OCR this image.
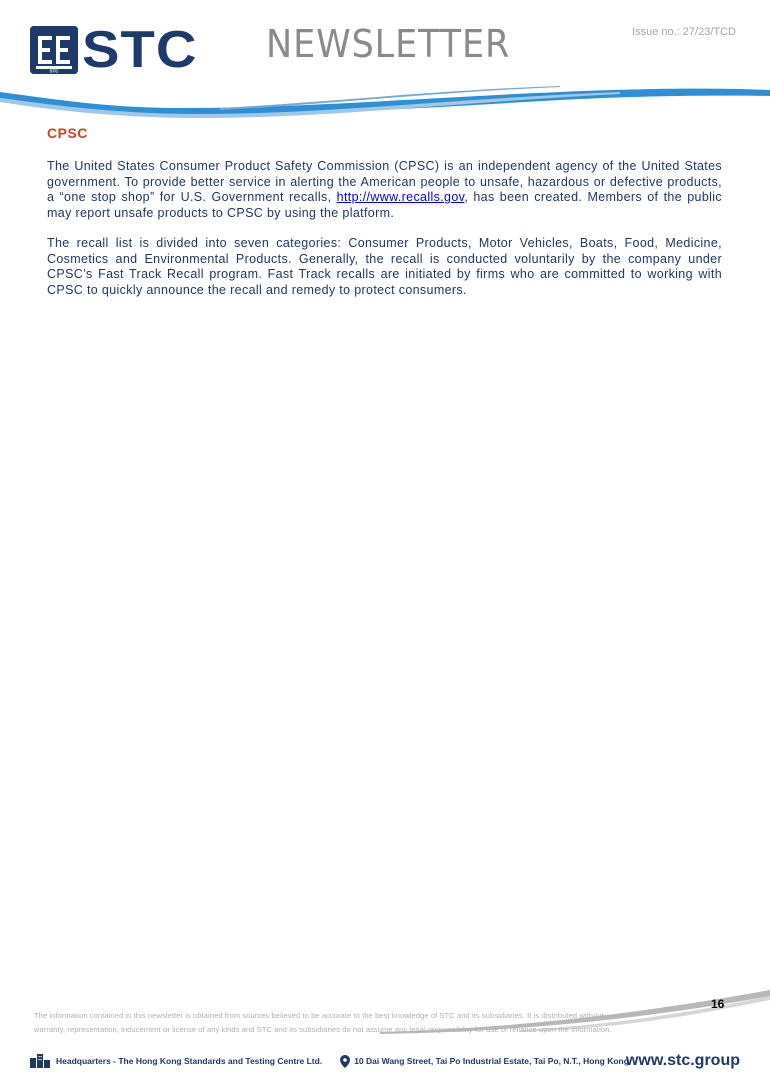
STC STC NEWSLETTER	Issue no.: 27/23/TCD
CPSC

The United States Consumer Product Safety Commission (CPSC) is an independent agency of the United States government. To provide better service in alerting the American people to unsafe, hazardous or defective products, a “one stop shop” for U.S. Government recalls, http://www.recalls.gov, has been created. Members of the public may report unsafe products to CPSC by using the platform.

The recall list is divided into seven categories: Consumer Products, Motor Vehicles, Boats, Food, Medicine, Cosmetics and Environmental Products. Generally, the recall is conducted voluntarily by the company under CPSC’s Fast Track Recall program. Fast Track recalls are initiated by firms who are committed to working with CPSC to quickly announce the recall and remedy to protect consumers.

16
The information contained in this newsletter is obtained from sources believed to be accurate to the best knowledge of STC and its subsidiaries. It is distributed without warranty, representation, inducement or license of any kinds and STC and its subsidiaries do not assume any legal responsibility for use or reliance upon the information.
Headquarters - The Hong Kong Standards and Testing Centre Ltd.	10 Dai Wang Street, Tai Po Industrial Estate, Tai Po, N.T., Hong Kong
www.stc.group
